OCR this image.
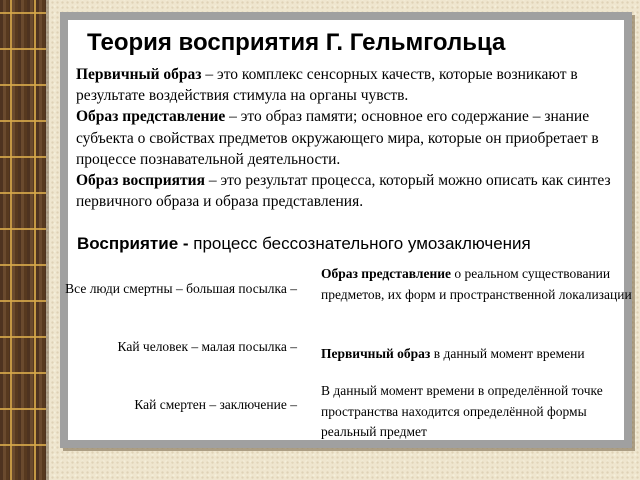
Теория восприятия Г. Гельмгольца

Первичный образ – это комплекс сенсорных качеств, которые возникают в результате воздействия стимула на органы чувств.

Образ представление – это образ памяти; основное его содержание – знание субъекта о свойствах предметов окружающего мира, которые он приобретает в процессе познавательной деятельности.

Образ восприятия – это результат процесса, который можно описать как синтез первичного образа и образа представления.

Восприятие - процесс бессознательного умозаключения
Все люди смертны – большая посылка –
Кай человек – малая посылка –
Кай смертен – заключение –

Образ представление о реальном существовании предметов, их форм и пространственной локализации

Первичный образ в данный момент времени

В данный момент времени в определённой точке пространства находится определённой формы реальный предмет
